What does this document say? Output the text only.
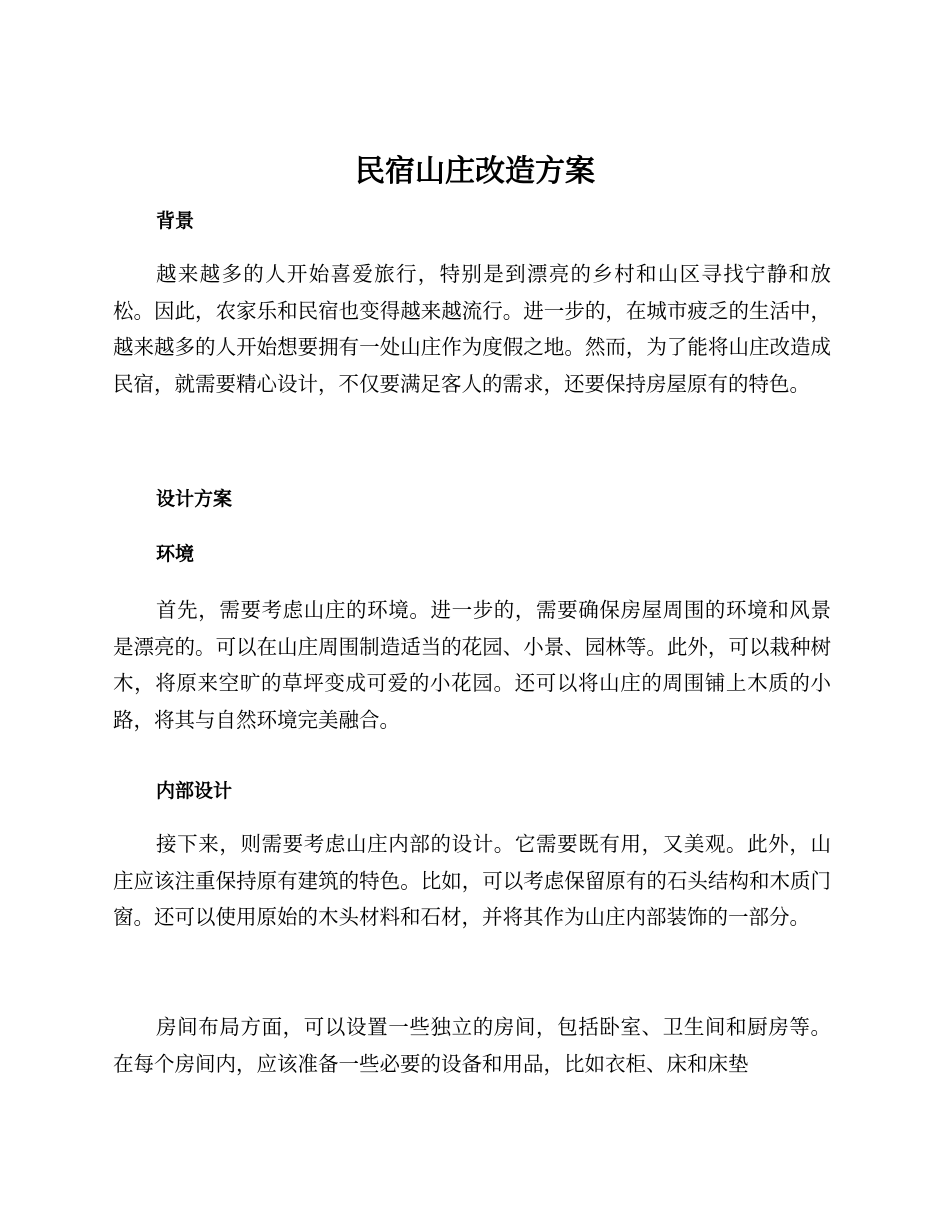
民宿山庄改造方案
背景

越来越多的人开始喜爱旅行，特别是到漂亮的乡村和山区寻找宁静和放松。因此，农家乐和民宿也变得越来越流行。进一步的，在城市疲乏的生活中，越来越多的人开始想要拥有一处山庄作为度假之地。然而，为了能将山庄改造成民宿，就需要精心设计，不仅要满足客人的需求，还要保持房屋原有的特色。

设计方案
环境

首先，需要考虑山庄的环境。进一步的，需要确保房屋周围的环境和风景是漂亮的。可以在山庄周围制造适当的花园、小景、园林等。此外，可以栽种树木，将原来空旷的草坪变成可爱的小花园。还可以将山庄的周围铺上木质的小路，将其与自然环境完美融合。

内部设计

接下来，则需要考虑山庄内部的设计。它需要既有用，又美观。此外，山庄应该注重保持原有建筑的特色。比如，可以考虑保留原有的石头结构和木质门窗。还可以使用原始的木头材料和石材，并将其作为山庄内部装饰的一部分。

房间布局方面，可以设置一些独立的房间，包括卧室、卫生间和厨房等。在每个房间内，应该准备一些必要的设备和用品，比如衣柜、床和床垫
